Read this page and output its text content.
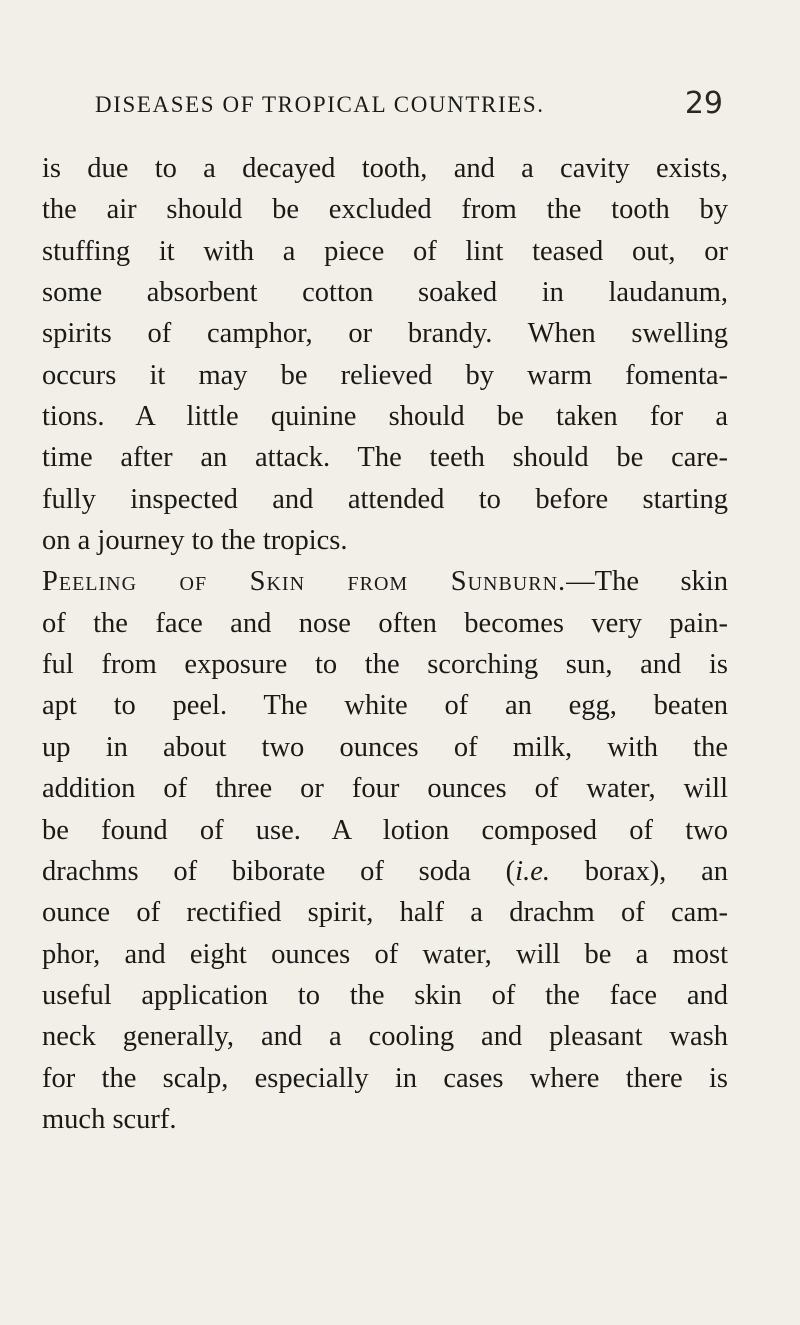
DISEASES OF TROPICAL COUNTRIES.	29
is due to a decayed tooth, and a cavity exists,
the air should be excluded from the tooth by
stuffing it with a piece of lint teased out, or
some absorbent cotton soaked in laudanum,
spirits of camphor, or brandy. When swelling
occurs it may be relieved by warm fomenta-
tions. A little quinine should be taken for a
time after an attack. The teeth should be care-
fully inspected and attended to before starting
on a journey to the tropics.
Peeling of Skin from Sunburn.—The skin
of the face and nose often becomes very pain-
ful from exposure to the scorching sun, and is
apt to peel. The white of an egg, beaten
up in about two ounces of milk, with the
addition of three or four ounces of water, will
be found of use. A lotion composed of two
drachms of biborate of soda (i.e. borax), an
ounce of rectified spirit, half a drachm of cam-
phor, and eight ounces of water, will be a most
useful application to the skin of the face and
neck generally, and a cooling and pleasant wash
for the scalp, especially in cases where there is
much scurf.
